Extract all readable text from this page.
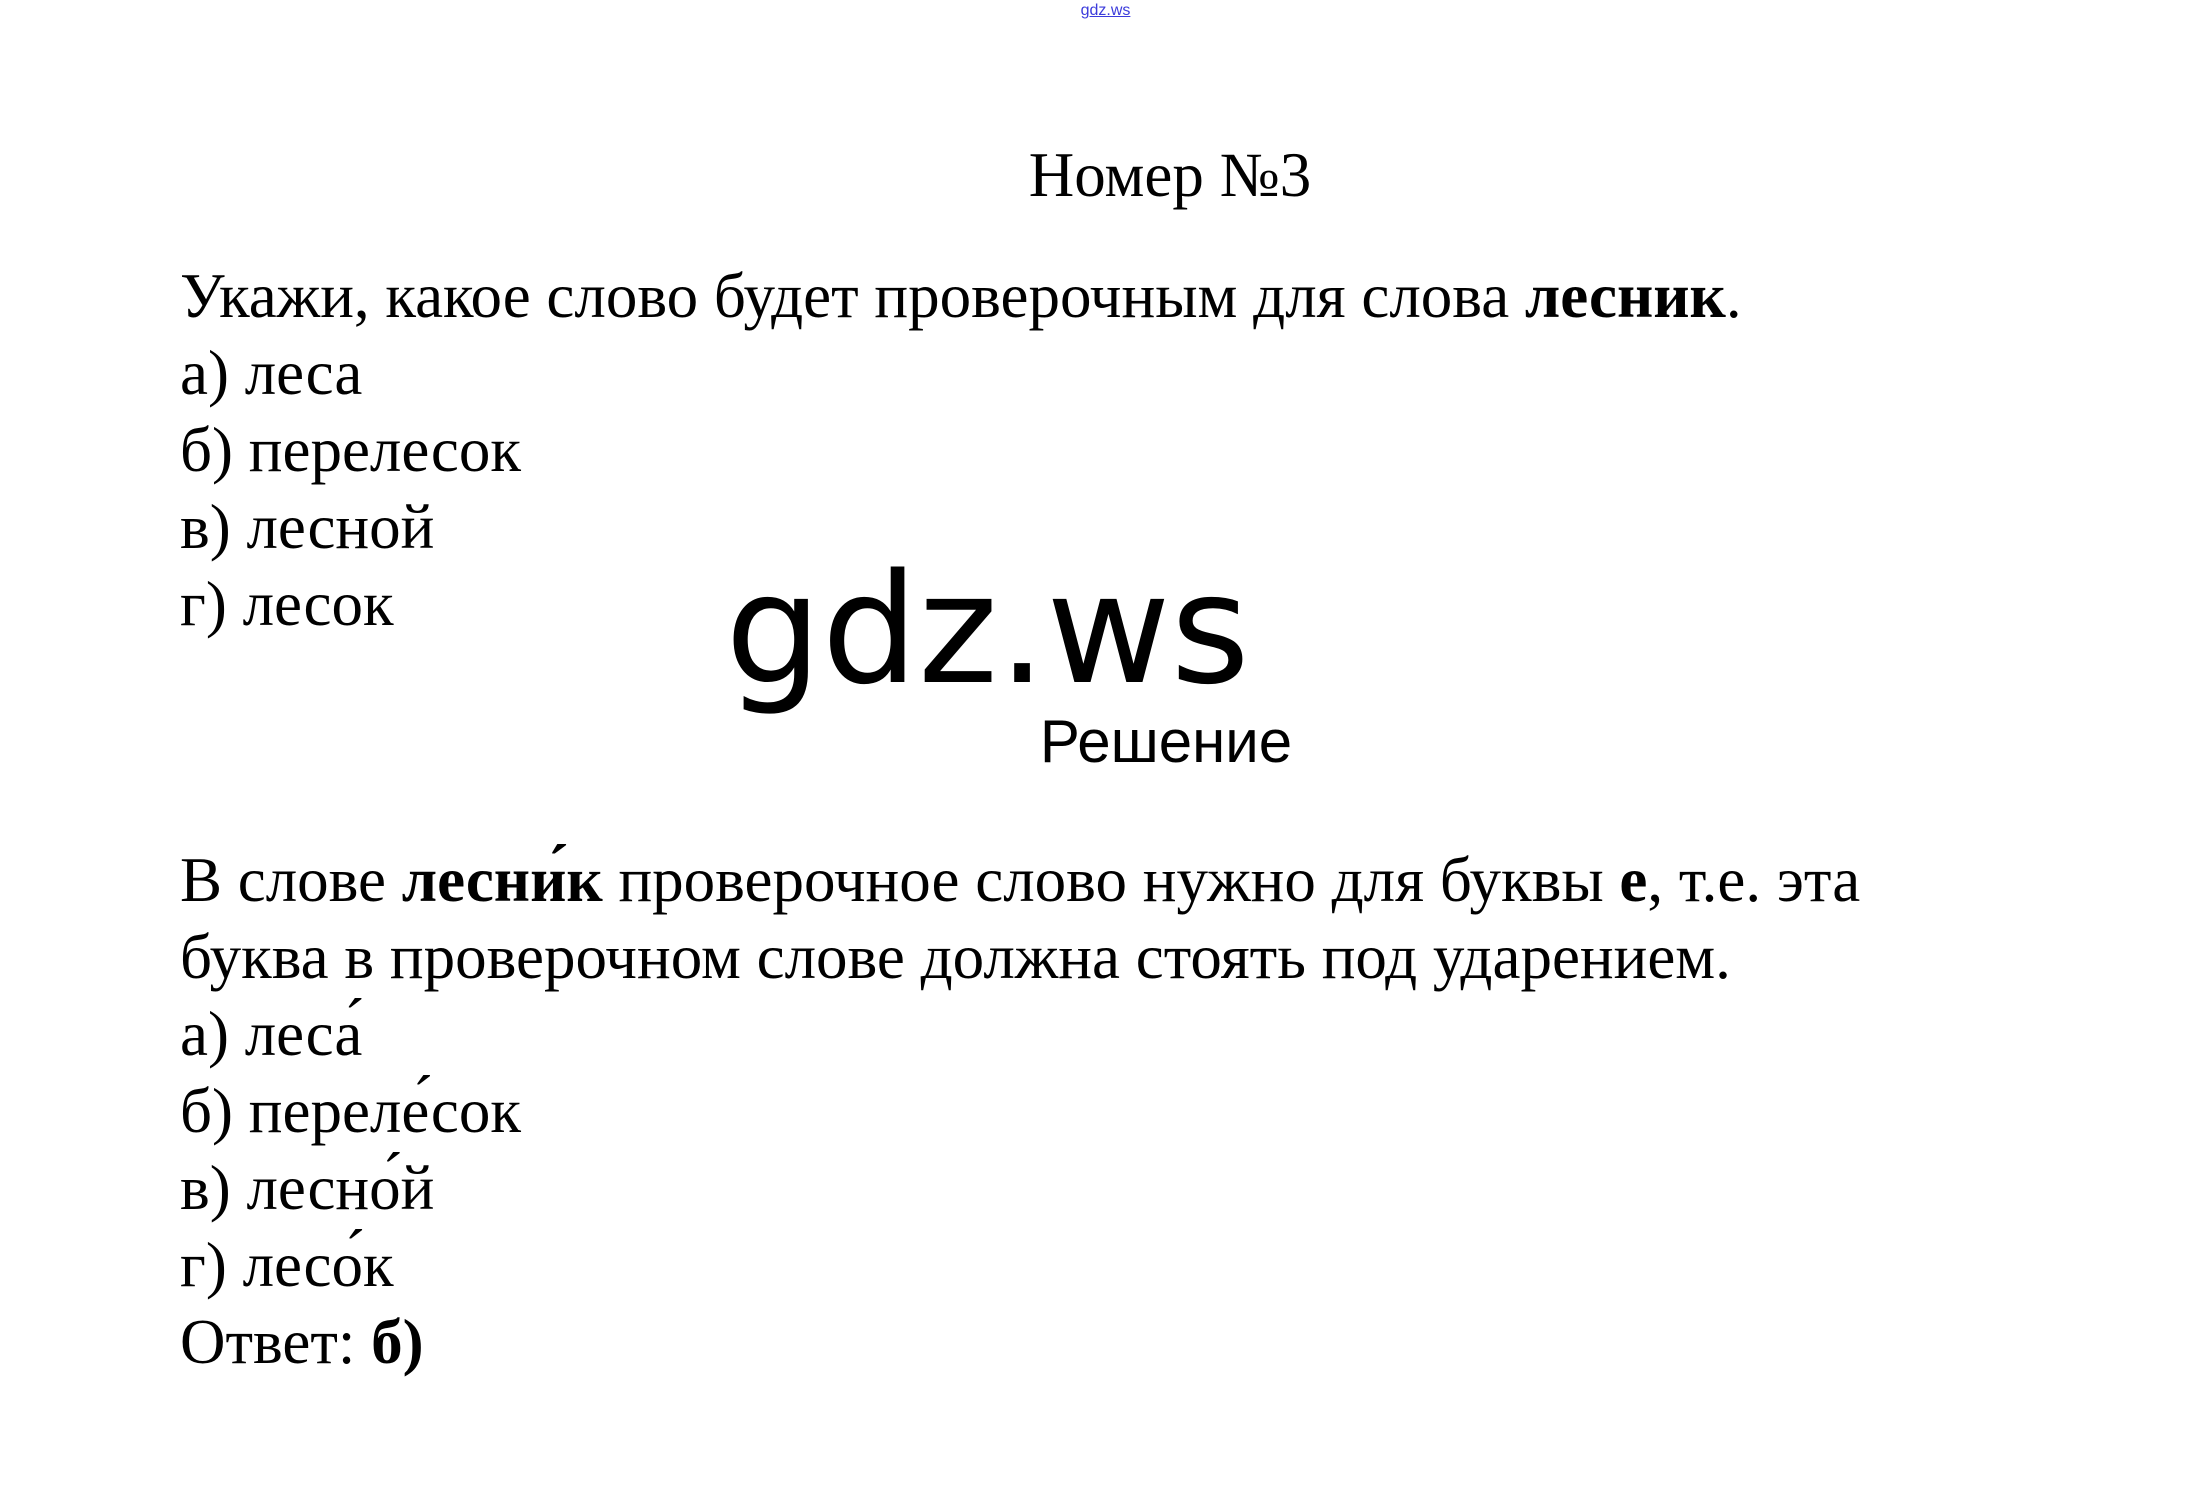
gdz.ws
Номер №3
Укажи, какое слово будет проверочным для слова лесник.
а) леса
б) перелесок
в) лесной
г) лесок	gdz.ws
Решение
В слове лесни́к проверочное слово нужно для буквы е, т.е. эта
буква в проверочном слове должна стоять под ударением.
а) леса́
б) переле́сок
в) лесно́й
г) лесо́к
Ответ: б)
